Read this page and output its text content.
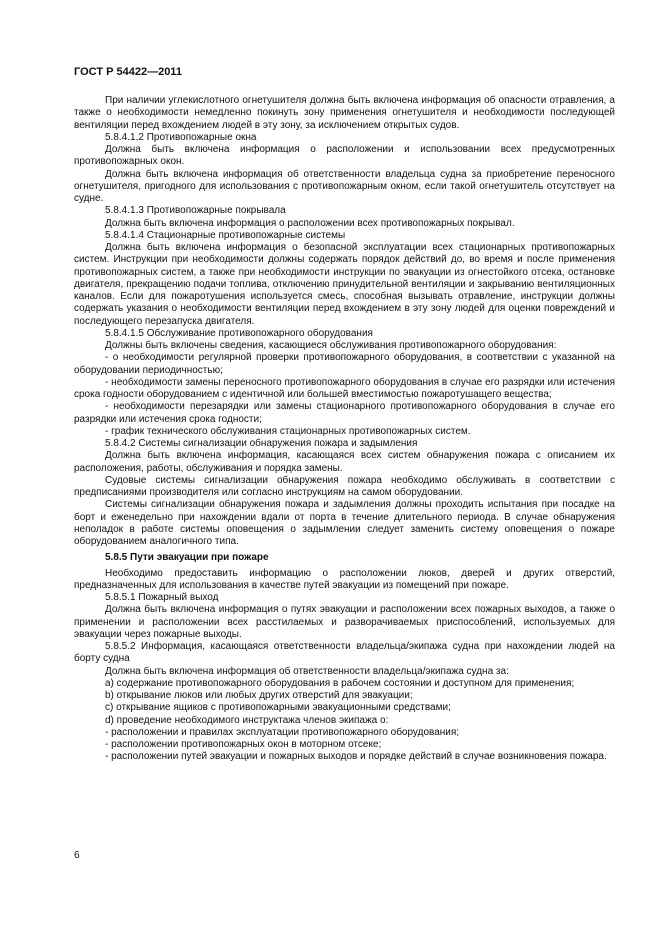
ГОСТ Р 54422—2011

При наличии углекислотного огнетушителя должна быть включена информация об опасности отравления, а также о необходимости немедленно покинуть зону применения огнетушителя и необходимости последующей вентиляции перед вхождением людей в эту зону, за исключением открытых судов.

5.8.4.1.2 Противопожарные окна

Должна быть включена информация о расположении и использовании всех предусмотренных противопожарных окон.

Должна быть включена информация об ответственности владельца судна за приобретение переносного огнетушителя, пригодного для использования с противопожарным окном, если такой огнетушитель отсутствует на судне.

5.8.4.1.3 Противопожарные покрывала

Должна быть включена информация о расположении всех противопожарных покрывал.

5.8.4.1.4 Стационарные противопожарные системы

Должна быть включена информация о безопасной эксплуатации всех стационарных противопожарных систем. Инструкции при необходимости должны содержать порядок действий до, во время и после применения противопожарных систем, а также при необходимости инструкции по эвакуации из огнестойкого отсека, остановке двигателя, прекращению подачи топлива, отключению принудительной вентиляции и закрыванию вентиляционных каналов. Если для пожаротушения используется смесь, способная вызывать отравление, инструкции должны содержать указания о необходимости вентиляции перед вхождением в эту зону людей для оценки повреждений и последующего перезапуска двигателя.

5.8.4.1.5 Обслуживание противопожарного оборудования

Должны быть включены сведения, касающиеся обслуживания противопожарного оборудования:

- о необходимости регулярной проверки противопожарного оборудования, в соответствии с указанной на оборудовании периодичностью;

- необходимости замены переносного противопожарного оборудования в случае его разрядки или истечения срока годности оборудованием с идентичной или большей вместимостью пожаротушащего вещества;

- необходимости перезарядки или замены стационарного противопожарного оборудования в случае его разрядки или истечения срока годности;

- график технического обслуживания стационарных противопожарных систем.

5.8.4.2 Системы сигнализации обнаружения пожара и задымления

Должна быть включена информация, касающаяся всех систем обнаружения пожара с описанием их расположения, работы, обслуживания и порядка замены.

Судовые системы сигнализации обнаружения пожара необходимо обслуживать в соответствии с предписаниями производителя или согласно инструкциям на самом оборудовании.

Системы сигнализации обнаружения пожара и задымления должны проходить испытания при посадке на борт и еженедельно при нахождении вдали от порта в течение длительного периода. В случае обнаружения неполадок в работе системы оповещения о задымлении следует заменить систему оповещения о пожаре оборудованием аналогичного типа.

5.8.5 Пути эвакуации при пожаре

Необходимо предоставить информацию о расположении люков, дверей и других отверстий, предназначенных для использования в качестве путей эвакуации из помещений при пожаре.

5.8.5.1 Пожарный выход

Должна быть включена информация о путях эвакуации и расположении всех пожарных выходов, а также о применении и расположении всех расстилаемых и разворачиваемых приспособлений, используемых для эвакуации через пожарные выходы.

5.8.5.2 Информация, касающаяся ответственности владельца/экипажа судна при нахождении людей на борту судна

Должна быть включена информация об ответственности владельца/экипажа судна за:

a) содержание противопожарного оборудования в рабочем состоянии и доступном для применения;

b) открывание люков или любых других отверстий для эвакуации;

c) открывание ящиков с противопожарными эвакуационными средствами;

d) проведение необходимого инструктажа членов экипажа о:

- расположении и правилах эксплуатации противопожарного оборудования;

- расположении противопожарных окон в моторном отсеке;

- расположении путей эвакуации и пожарных выходов и порядке действий в случае возникновения пожара.

6
